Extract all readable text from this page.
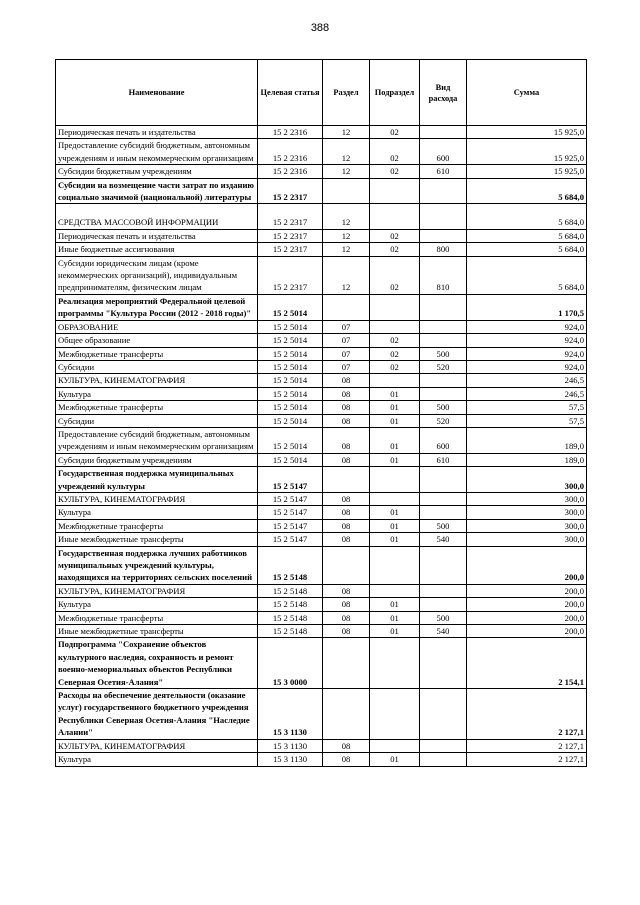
388
Наименование	Целевая статья	Раздел	Подраздел	Вид расхода	Сумма
Периодическая печать и издательства	15 2 2316	12	02		15 925,0
Предоставление субсидий бюджетным, автономным учреждениям и иным некоммерческим организациям	15 2 2316	12	02	600	15 925,0
Субсидии бюджетным учреждениям	15 2 2316	12	02	610	15 925,0
Субсидии на возмещение части затрат по изданию социально значимой (национальной) литературы	15 2 2317				5 684,0
СРЕДСТВА МАССОВОЙ ИНФОРМАЦИИ	15 2 2317	12			5 684,0
Периодическая печать и издательства	15 2 2317	12	02		5 684,0
Иные бюджетные ассигнования	15 2 2317	12	02	800	5 684,0
Субсидии юридическим лицам (кроме некоммерческих организаций), индивидуальным предпринимателям, физическим лицам	15 2 2317	12	02	810	5 684,0
Реализация мероприятий Федеральной целевой программы "Культура России (2012 - 2018 годы)"	15 2 5014				1 170,5
ОБРАЗОВАНИЕ	15 2 5014	07			924,0
Общее образование	15 2 5014	07	02		924,0
Межбюджетные трансферты	15 2 5014	07	02	500	924,0
Субсидии	15 2 5014	07	02	520	924,0
КУЛЬТУРА, КИНЕМАТОГРАФИЯ	15 2 5014	08			246,5
Культура	15 2 5014	08	01		246,5
Межбюджетные трансферты	15 2 5014	08	01	500	57,5
Субсидии	15 2 5014	08	01	520	57,5
Предоставление субсидий бюджетным, автономным учреждениям и иным некоммерческим организациям	15 2 5014	08	01	600	189,0
Субсидии бюджетным учреждениям	15 2 5014	08	01	610	189,0
Государственная поддержка муниципальных учреждений культуры	15 2 5147				300,0
КУЛЬТУРА, КИНЕМАТОГРАФИЯ	15 2 5147	08			300,0
Культура	15 2 5147	08	01		300,0
Межбюджетные трансферты	15 2 5147	08	01	500	300,0
Иные межбюджетные трансферты	15 2 5147	08	01	540	300,0
Государственная поддержка лучших работников муниципальных учреждений культуры, находящихся на территориях сельских поселений	15 2 5148				200,0
КУЛЬТУРА, КИНЕМАТОГРАФИЯ	15 2 5148	08			200,0
Культура	15 2 5148	08	01		200,0
Межбюджетные трансферты	15 2 5148	08	01	500	200,0
Иные межбюджетные трансферты	15 2 5148	08	01	540	200,0
Подпрограмма "Сохранение объектов культурного наследия, сохранность и ремонт военно-мемориальных объектов Республики Северная Осетия-Алания"	15 3 0000				2 154,1
Расходы на обеспечение деятельности (оказание услуг) государственного бюджетного учреждения Республики Северная Осетия-Алания "Наследие Алании"	15 3 1130				2 127,1
КУЛЬТУРА, КИНЕМАТОГРАФИЯ	15 3 1130	08			2 127,1
Культура	15 3 1130	08	01		2 127,1
